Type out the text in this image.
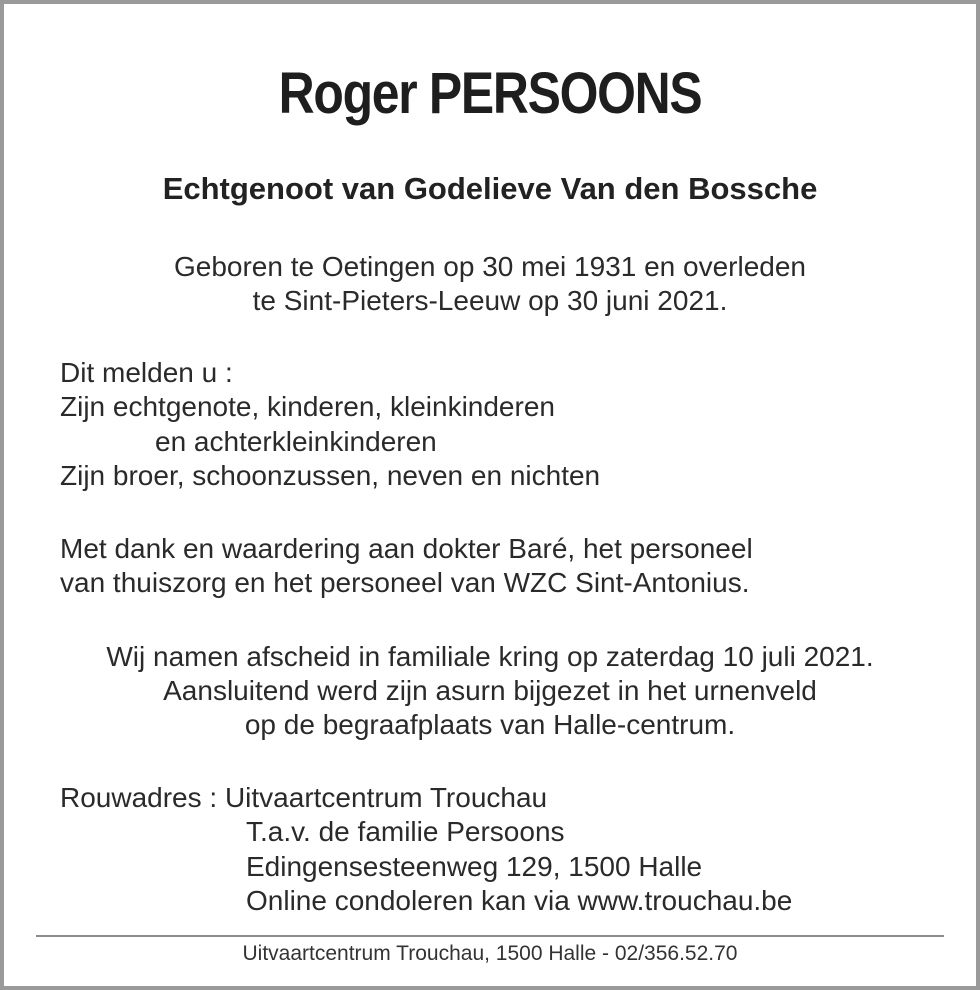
Roger PERSOONS
Echtgenoot van Godelieve Van den Bossche
Geboren te Oetingen op 30 mei 1931 en overleden
te Sint-Pieters-Leeuw op 30 juni 2021.
Dit melden u :
Zijn echtgenote, kinderen, kleinkinderen
en achterkleinkinderen
Zijn broer, schoonzussen, neven en nichten
Met dank en waardering aan dokter Baré, het personeel
van thuiszorg en het personeel van WZC Sint-Antonius.
Wij namen afscheid in familiale kring op zaterdag 10 juli 2021.
Aansluitend werd zijn asurn bijgezet in het urnenveld
op de begraafplaats van Halle-centrum.
Rouwadres : Uitvaartcentrum Trouchau
T.a.v. de familie Persoons
Edingensesteenweg 129, 1500 Halle
Online condoleren kan via www.trouchau.be
Uitvaartcentrum Trouchau, 1500 Halle - 02/356.52.70
